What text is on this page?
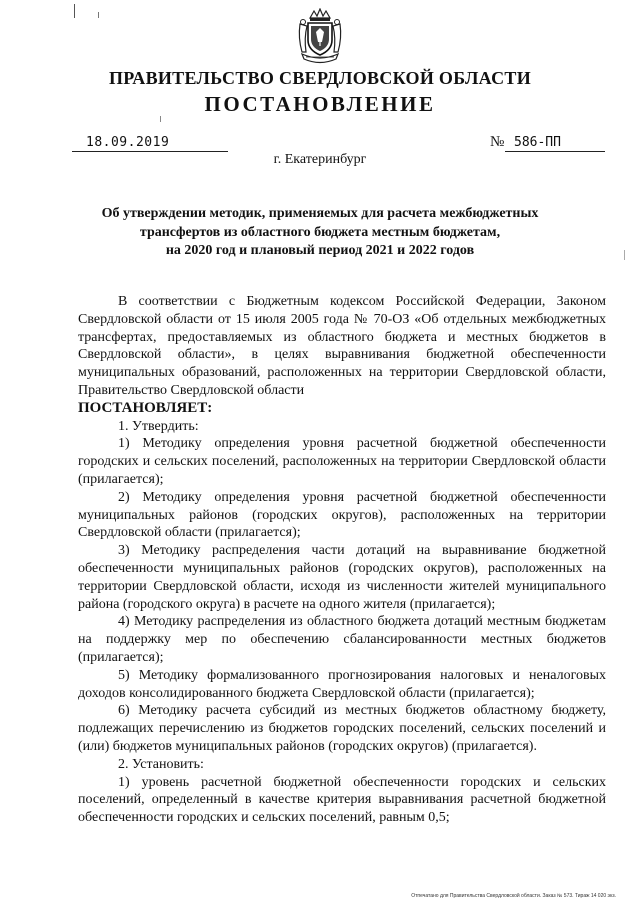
ПРАВИТЕЛЬСТВО СВЕРДЛОВСКОЙ ОБЛАСТИ
ПОСТАНОВЛЕНИЕ
18.09.2019	№ 586-ПП
г. Екатеринбург
Об утверждении методик, применяемых для расчета межбюджетных
трансфертов из областного бюджета местным бюджетам,
на 2020 год и плановый период 2021 и 2022 годов

В соответствии с Бюджетным кодексом Российской Федерации, Законом Свердловской области от 15 июля 2005 года № 70-ОЗ «Об отдельных межбюджетных трансфертах, предоставляемых из областного бюджета и местных бюджетов в Свердловской области», в целях выравнивания бюджетной обеспеченности муниципальных образований, расположенных на территории Свердловской области, Правительство Свердловской области

ПОСТАНОВЛЯЕТ:

1. Утвердить:

1) Методику определения уровня расчетной бюджетной обеспеченности городских и сельских поселений, расположенных на территории Свердловской области (прилагается);

2) Методику определения уровня расчетной бюджетной обеспеченности муниципальных районов (городских округов), расположенных на территории Свердловской области (прилагается);

3) Методику распределения части дотаций на выравнивание бюджетной обеспеченности муниципальных районов (городских округов), расположенных на территории Свердловской области, исходя из численности жителей муниципального района (городского округа) в расчете на одного жителя (прилагается);

4) Методику распределения из областного бюджета дотаций местным бюджетам на поддержку мер по обеспечению сбалансированности местных бюджетов (прилагается);

5) Методику формализованного прогнозирования налоговых и неналоговых доходов консолидированного бюджета Свердловской области (прилагается);

6) Методику расчета субсидий из местных бюджетов областному бюджету, подлежащих перечислению из бюджетов городских поселений, сельских поселений и (или) бюджетов муниципальных районов (городских округов) (прилагается).

2. Установить:

1) уровень расчетной бюджетной обеспеченности городских и сельских поселений, определенный в качестве критерия выравнивания расчетной бюджетной обеспеченности городских и сельских поселений, равным 0,5;

Отпечатано для Правительства Свердловской области. Заказ № 573. Тираж 14 020 экз.
